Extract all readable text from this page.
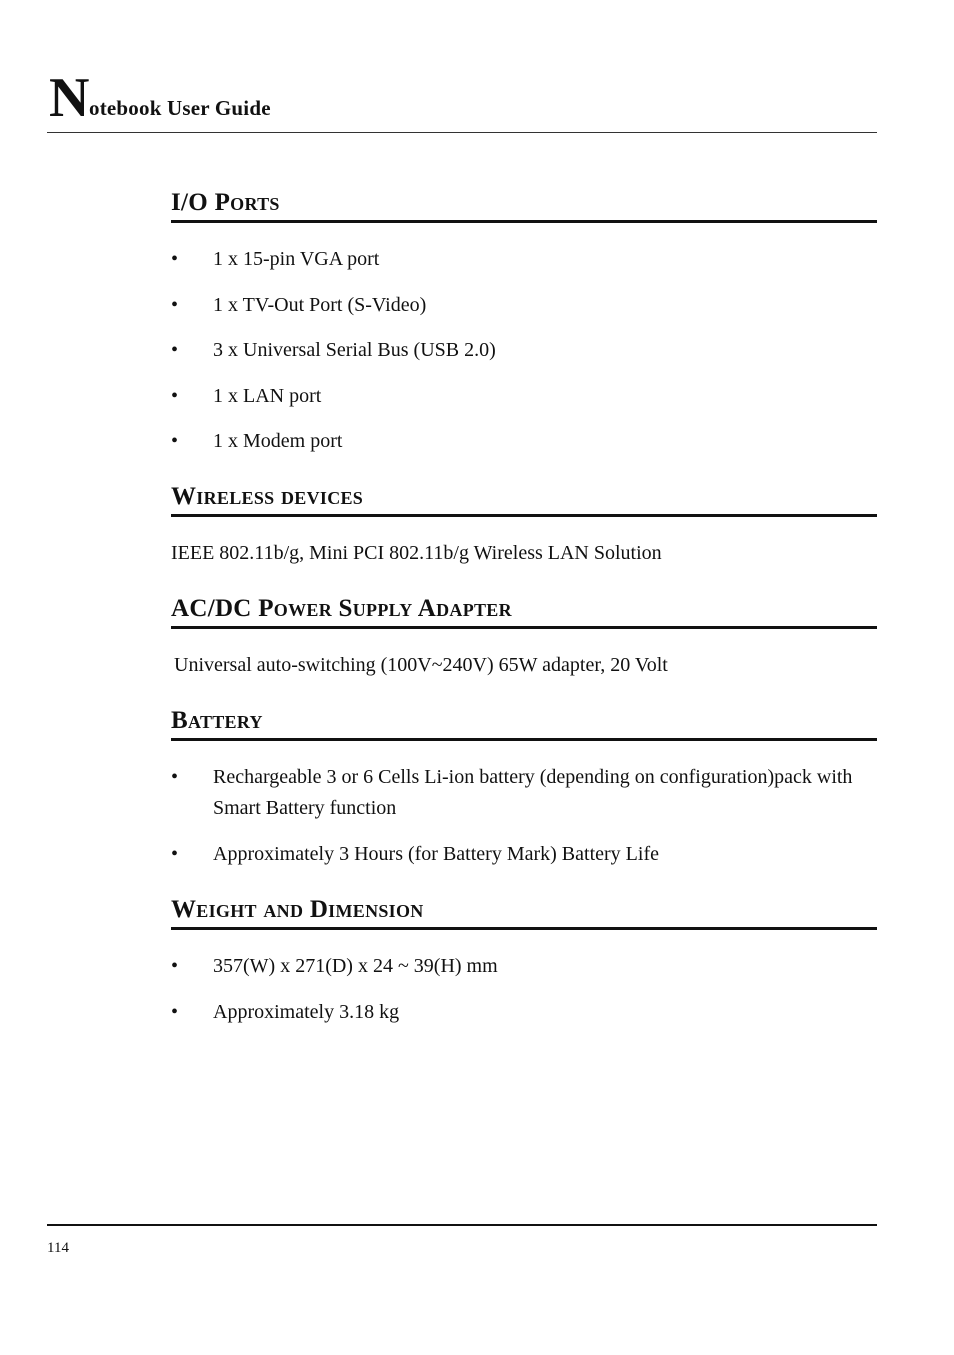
N otebook User Guide
I/O Ports
• 1 x 15-pin VGA port
• 1 x TV-Out Port (S-Video)
• 3 x Universal Serial Bus (USB 2.0)
• 1 x LAN port
• 1 x Modem port
Wireless devices
IEEE 802.11b/g, Mini PCI 802.11b/g Wireless LAN Solution
AC/DC Power Supply Adapter
Universal auto-switching (100V~240V) 65W adapter, 20 Volt
Battery
• Rechargeable 3 or 6 Cells Li-ion battery (depending on configuration)pack with Smart Battery function
• Approximately 3 Hours (for Battery Mark) Battery Life
Weight and Dimension
• 357(W) x 271(D) x 24 ~ 39(H) mm
• Approximately 3.18 kg
114
